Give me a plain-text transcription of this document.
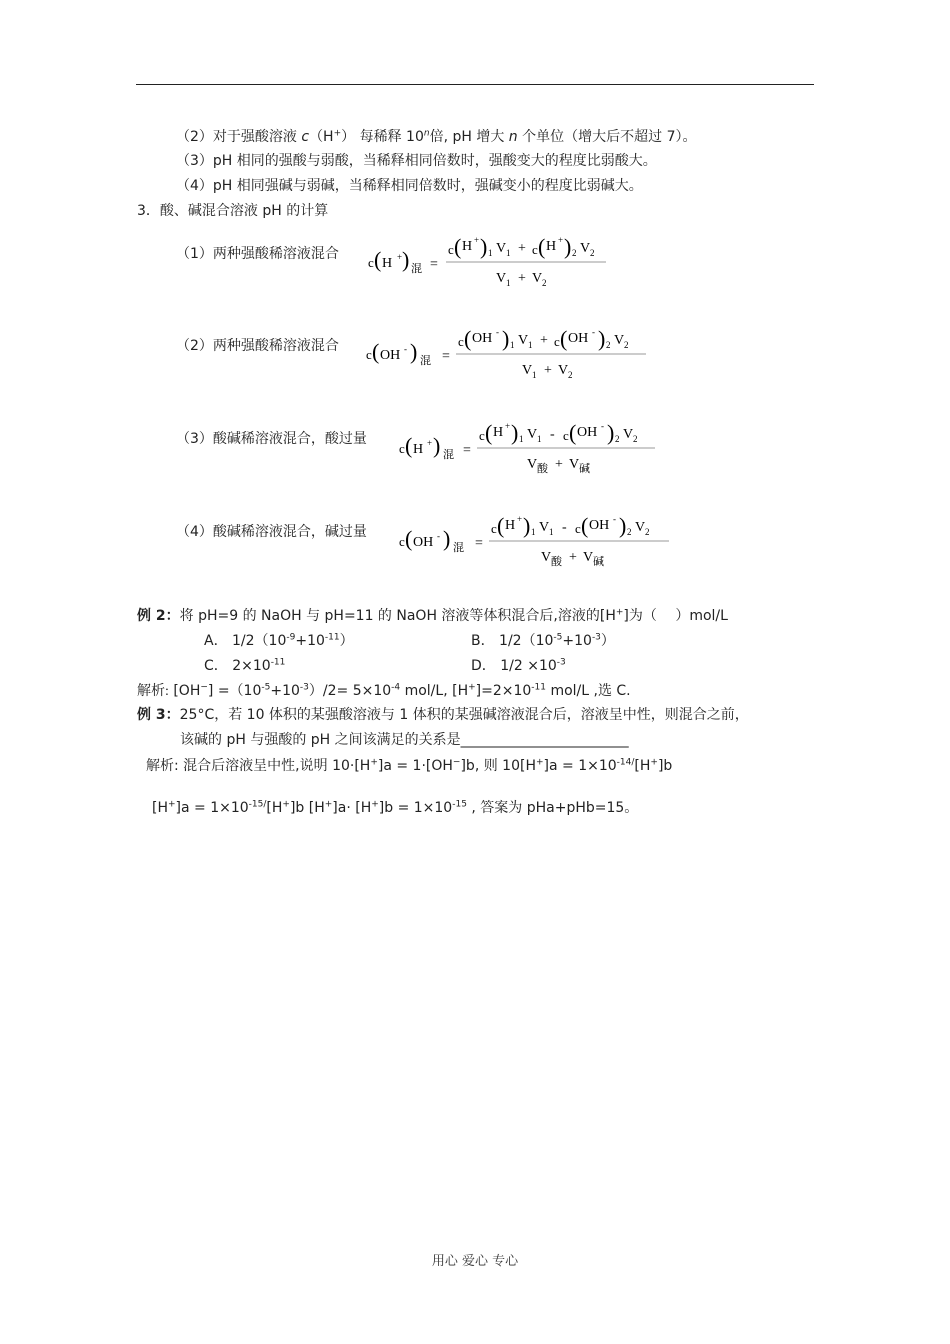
（2）对于强酸溶液 c（H+） 每稀释 10$^n$倍, pH 增大 n 个单位（增大后不超过 7）。
（3）pH 相同的强酸与弱酸，当稀释相同倍数时，强酸变大的程度比弱酸大。
（4）pH 相同强碱与弱碱，当稀释相同倍数时，强碱变小的程度比弱碱大。
3．酸、碱混合溶液 pH 的计算
（1）两种强酸稀溶液混合
c ( H + ) 混 =
c ( H + ) 1 V 1 + c ( H + ) 2 V 2
V 1 + V 2
（2）两种强酸稀溶液混合
c ( OH - ) 混 =
c ( OH - ) 1 V 1 + c ( OH - ) 2 V 2
V 1 + V 2
（3）酸碱稀溶液混合，酸过量
c ( H + ) 混 =
c ( H + ) 1 V 1 - c ( OH - ) 2 V 2
V 酸 + V 碱
（4）酸碱稀溶液混合，碱过量
c ( OH - ) 混 =
c ( H + ) 1 V 1 - c ( OH - ) 2 V 2
V 酸 + V 碱
例 2：将 pH=9 的 NaOH 与 pH=11 的 NaOH 溶液等体积混合后,溶液的[H+]为（　 ）mol/L
A． $1/2(10^{-9}+10^{-11})$	B． $1/2(10^{-5}+10^{-3})$
C． $2\times 10^{-11}$	D． $1/2 \times 10^{-3}$
解析: $[OH^-] =(10^{-5}+10^{-3})/2= 5\times 10^{-4}$ mol/L, $[H^+]=2\times 10^{-11}$ mol/L ,选 C.
例 3：25°C，若 10 体积的某强酸溶液与 1 体积的某强碱溶液混合后，溶液呈中性，则混合之前，
该碱的 pH 与强酸的 pH 之间该满足的关系是________________________
解析: 混合后溶液呈中性,说明 10·[H+]a = 1·[OH−]b, 则 $10[H^+]a = 1\times 10^{-14/}[H^+]b$
$[H^+]a = 1\times 10^{-15/}[H^+]b$ $[H^+]a\cdot [H^+]b = 1\times 10^{-15}$ , 答案为 pHa+pHb=15。
用心 爱心 专心
